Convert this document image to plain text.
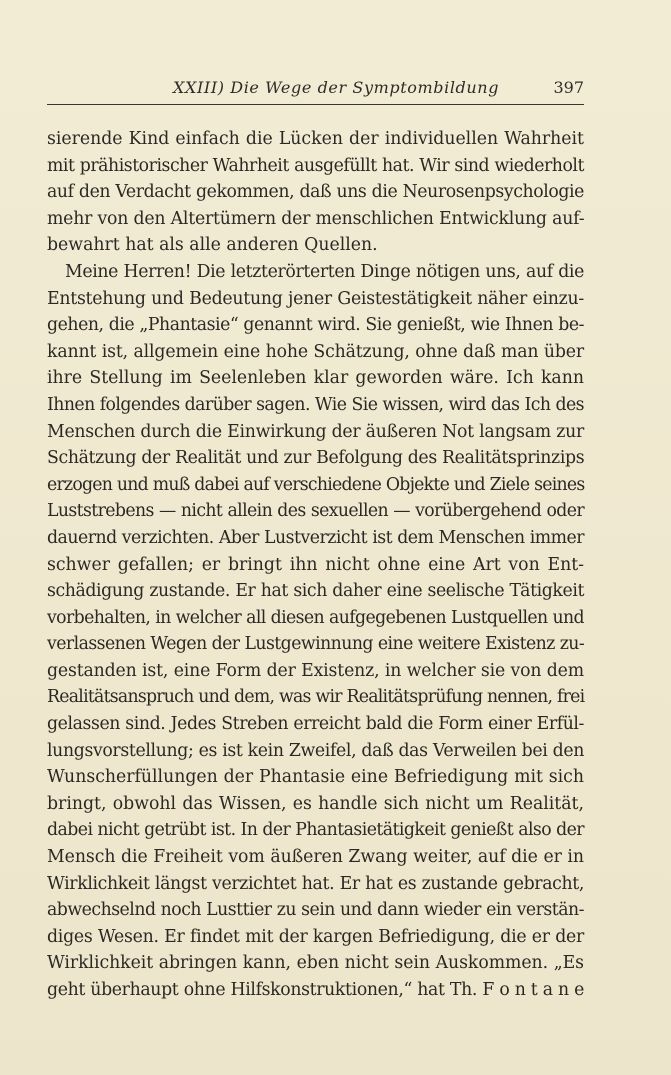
XXIII) Die Wege der Symptombildung	397
sierende Kind einfach die Lücken der individuellen Wahrheit
mit prähistorischer Wahrheit ausgefüllt hat. Wir sind wiederholt
auf den Verdacht gekommen, daß uns die Neurosenpsychologie
mehr von den Altertümern der menschlichen Entwicklung auf-
bewahrt hat als alle anderen Quellen.
Meine Herren! Die letzterörterten Dinge nötigen uns, auf die
Entstehung und Bedeutung jener Geistestätigkeit näher einzu-
gehen, die „Phantasie“ genannt wird. Sie genießt, wie Ihnen be-
kannt ist, allgemein eine hohe Schätzung, ohne daß man über
ihre Stellung im Seelenleben klar geworden wäre. Ich kann
Ihnen folgendes darüber sagen. Wie Sie wissen, wird das Ich des
Menschen durch die Einwirkung der äußeren Not langsam zur
Schätzung der Realität und zur Befolgung des Realitätsprinzips
erzogen und muß dabei auf verschiedene Objekte und Ziele seines
Luststrebens — nicht allein des sexuellen — vorübergehend oder
dauernd verzichten. Aber Lustverzicht ist dem Menschen immer
schwer gefallen; er bringt ihn nicht ohne eine Art von Ent-
schädigung zustande. Er hat sich daher eine seelische Tätigkeit
vorbehalten, in welcher all diesen aufgegebenen Lustquellen und
verlassenen Wegen der Lustgewinnung eine weitere Existenz zu-
gestanden ist, eine Form der Existenz, in welcher sie von dem
Realitätsanspruch und dem, was wir Realitätsprüfung nennen, frei
gelassen sind. Jedes Streben erreicht bald die Form einer Erfül-
lungsvorstellung; es ist kein Zweifel, daß das Verweilen bei den
Wunscherfüllungen der Phantasie eine Befriedigung mit sich
bringt, obwohl das Wissen, es handle sich nicht um Realität,
dabei nicht getrübt ist. In der Phantasietätigkeit genießt also der
Mensch die Freiheit vom äußeren Zwang weiter, auf die er in
Wirklichkeit längst verzichtet hat. Er hat es zustande gebracht,
abwechselnd noch Lusttier zu sein und dann wieder ein verstän-
diges Wesen. Er findet mit der kargen Befriedigung, die er der
Wirklichkeit abringen kann, eben nicht sein Auskommen. „Es
geht überhaupt ohne Hilfskonstruktionen,“ hat Th. F o n t a n e
